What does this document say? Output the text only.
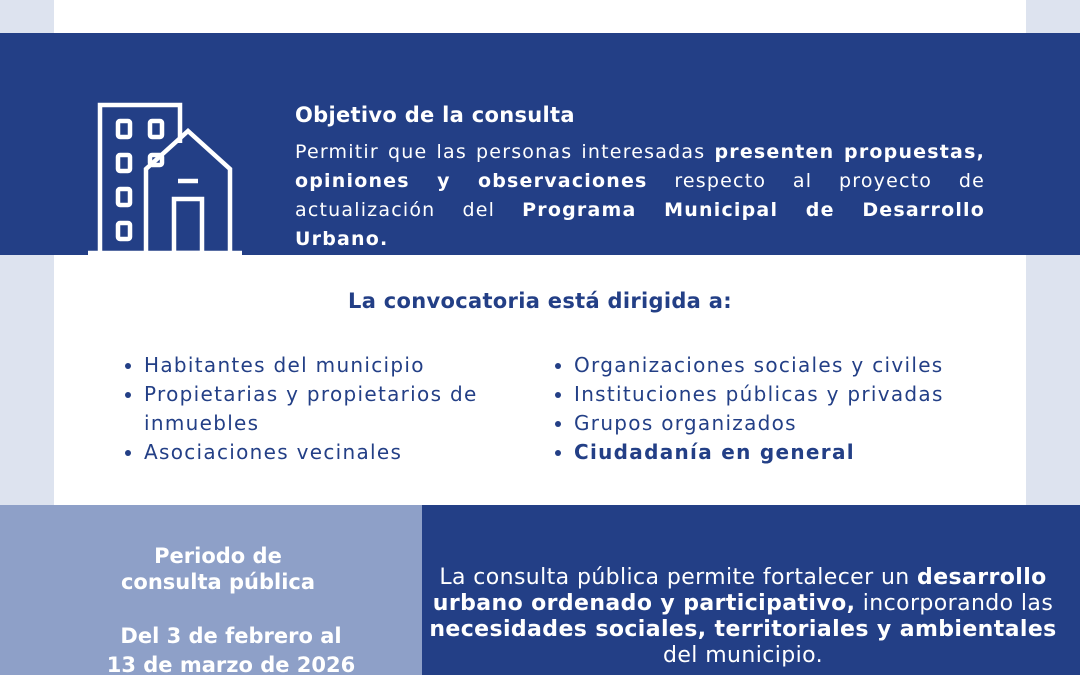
Objetivo de la consulta

Permitir que las personas interesadas presenten propuestas, opiniones y observaciones respecto al proyecto de actualización del Programa Municipal de Desarrollo Urbano.

La convocatoria está dirigida a:
Habitantes del municipio
Propietarias y propietarios de inmuebles
Asociaciones vecinales
Organizaciones sociales y civiles
Instituciones públicas y privadas
Grupos organizados
Ciudadanía en general
Periodo de
consulta pública
Del 3 de febrero al
13 de marzo de 2026

La consulta pública permite fortalecer un desarrollo urbano ordenado y participativo, incorporando las necesidades sociales, territoriales y ambientales del municipio.
